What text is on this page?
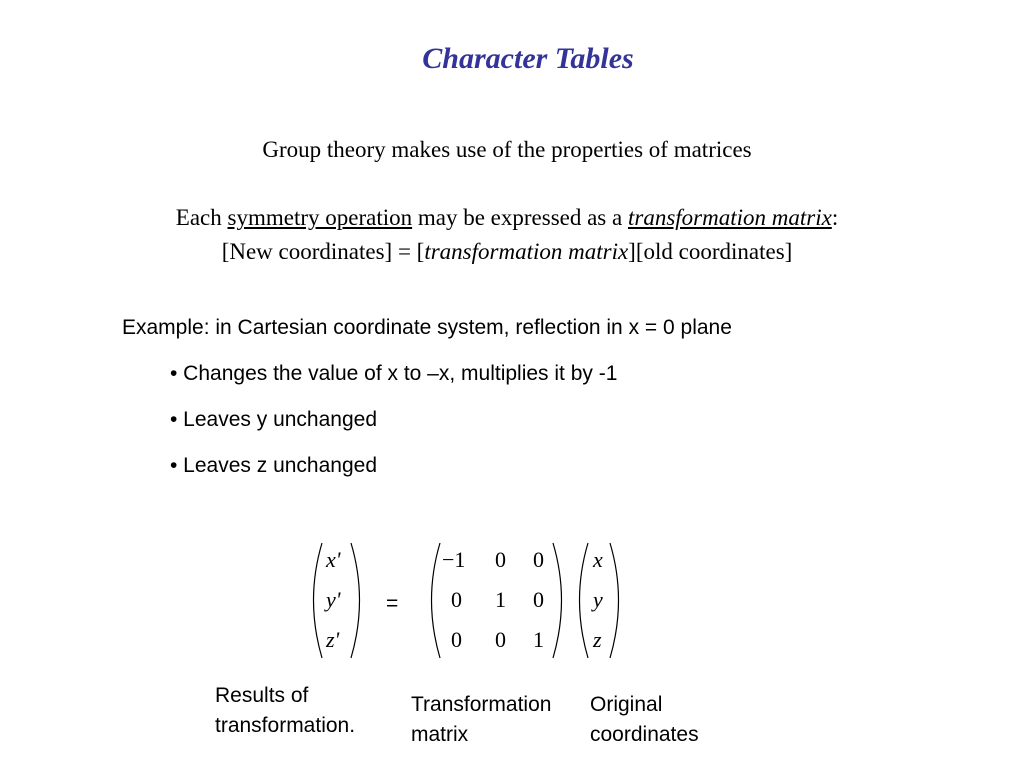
Character Tables
Group theory makes use of the properties of matrices
Each symmetry operation may be expressed as a transformation matrix:
[New coordinates] = [transformation matrix][old coordinates]
Example: in Cartesian coordinate system, reflection in x = 0 plane
• Changes the value of x to –x, multiplies it by -1
• Leaves y unchanged
• Leaves z unchanged
x'
y'
z'
=
−1 0 0
0 1 0
0 0 1
x
y
z
Results of
transformation.
Transformation
matrix
Original
coordinates
